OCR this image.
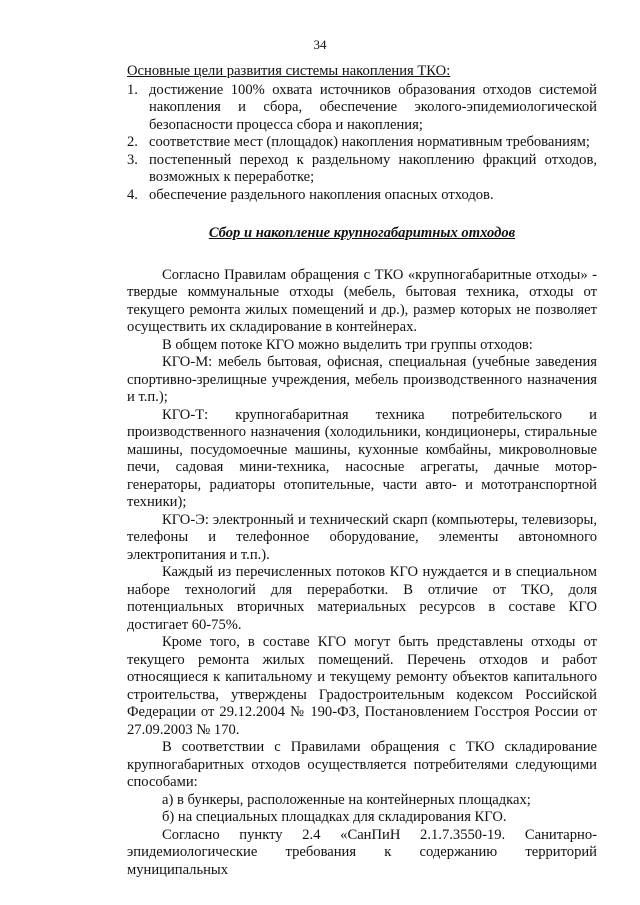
34
Основные цели развития системы накопления ТКО:
1. достижение 100% охвата источников образования отходов системой накопления и сбора, обеспечение эколого-эпидемиологической безопасности процесса сбора и накопления;
2. соответствие мест (площадок) накопления нормативным требованиям;
3. постепенный переход к раздельному накоплению фракций отходов, возможных к переработке;
4. обеспечение раздельного накопления опасных отходов.
Сбор и накопление крупногабаритных отходов

Согласно Правилам обращения с ТКО «крупногабаритные отходы» - твердые коммунальные отходы (мебель, бытовая техника, отходы от текущего ремонта жилых помещений и др.), размер которых не позволяет осуществить их складирование в контейнерах.

В общем потоке КГО можно выделить три группы отходов:

КГО-М: мебель бытовая, офисная, специальная (учебные заведения спортивно-зрелищные учреждения, мебель производственного назначения и т.п.);

КГО-Т: крупногабаритная техника потребительского и производственного назначения (холодильники, кондиционеры, стиральные машины, посудомоечные машины, кухонные комбайны, микроволновые печи, садовая мини-техника, насосные агрегаты, дачные мотор-генераторы, радиаторы отопительные, части авто- и мототранспортной техники);

КГО-Э: электронный и технический скарп (компьютеры, телевизоры, телефоны и телефонное оборудование, элементы автономного электропитания и т.п.).

Каждый из перечисленных потоков КГО нуждается и в специальном наборе технологий для переработки. В отличие от ТКО, доля потенциальных вторичных материальных ресурсов в составе КГО достигает 60-75%.

Кроме того, в составе КГО могут быть представлены отходы от текущего ремонта жилых помещений. Перечень отходов и работ относящиеся к капитальному и текущему ремонту объектов капитального строительства, утверждены Градостроительным кодексом Российской Федерации от 29.12.2004 № 190-ФЗ, Постановлением Госстроя России от 27.09.2003 № 170.

В соответствии с Правилами обращения с ТКО складирование крупногабаритных отходов осуществляется потребителями следующими способами:

а) в бункеры, расположенные на контейнерных площадках;

б) на специальных площадках для складирования КГО.

Согласно пункту 2.4 «СанПиН 2.1.7.3550-19. Санитарно-эпидемиологические требования к содержанию территорий муниципальных
